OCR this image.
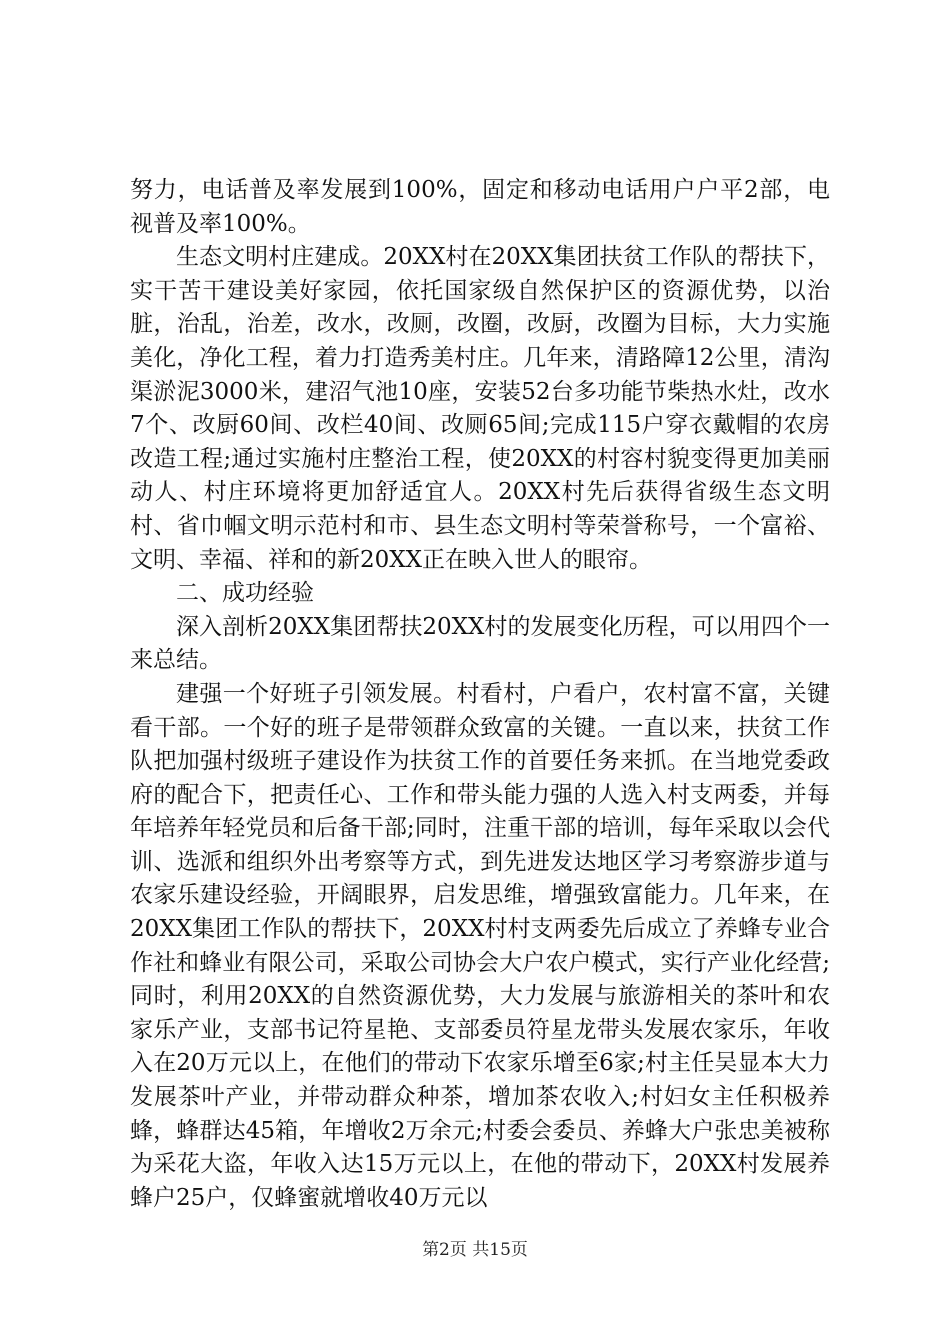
努力，电话普及率发展到100%，固定和移动电话用户户平2部，电视普及率100%。

生态文明村庄建成。20XX村在20XX集团扶贫工作队的帮扶下，实干苦干建设美好家园，依托国家级自然保护区的资源优势，以治脏，治乱，治差，改水，改厕，改圈，改厨，改圈为目标，大力实施美化，净化工程，着力打造秀美村庄。几年来，清路障12公里，清沟渠淤泥3000米，建沼气池10座，安装52台多功能节柴热水灶，改水7个、改厨60间、改栏40间、改厕65间;完成115户穿衣戴帽的农房改造工程;通过实施村庄整治工程，使20XX的村容村貌变得更加美丽动人、村庄环境将更加舒适宜人。20XX村先后获得省级生态文明村、省巾帼文明示范村和市、县生态文明村等荣誉称号，一个富裕、文明、幸福、祥和的新20XX正在映入世人的眼帘。

二、成功经验

深入剖析20XX集团帮扶20XX村的发展变化历程，可以用四个一来总结。

建强一个好班子引领发展。村看村，户看户，农村富不富，关键看干部。一个好的班子是带领群众致富的关键。一直以来，扶贫工作队把加强村级班子建设作为扶贫工作的首要任务来抓。在当地党委政府的配合下，把责任心、工作和带头能力强的人选入村支两委，并每年培养年轻党员和后备干部;同时，注重干部的培训，每年采取以会代训、选派和组织外出考察等方式，到先进发达地区学习考察游步道与农家乐建设经验，开阔眼界，启发思维，增强致富能力。几年来，在20XX集团工作队的帮扶下，20XX村村支两委先后成立了养蜂专业合作社和蜂业有限公司，采取公司协会大户农户模式，实行产业化经营;同时，利用20XX的自然资源优势，大力发展与旅游相关的茶叶和农家乐产业，支部书记符星艳、支部委员符星龙带头发展农家乐，年收入在20万元以上，在他们的带动下农家乐增至6家;村主任吴显本大力发展茶叶产业，并带动群众种茶，增加茶农收入;村妇女主任积极养蜂，蜂群达45箱，年增收2万余元;村委会委员、养蜂大户张忠美被称为采花大盗，年收入达15万元以上，在他的带动下，20XX村发展养蜂户25户，仅蜂蜜就增收40万元以

第2页 共15页
